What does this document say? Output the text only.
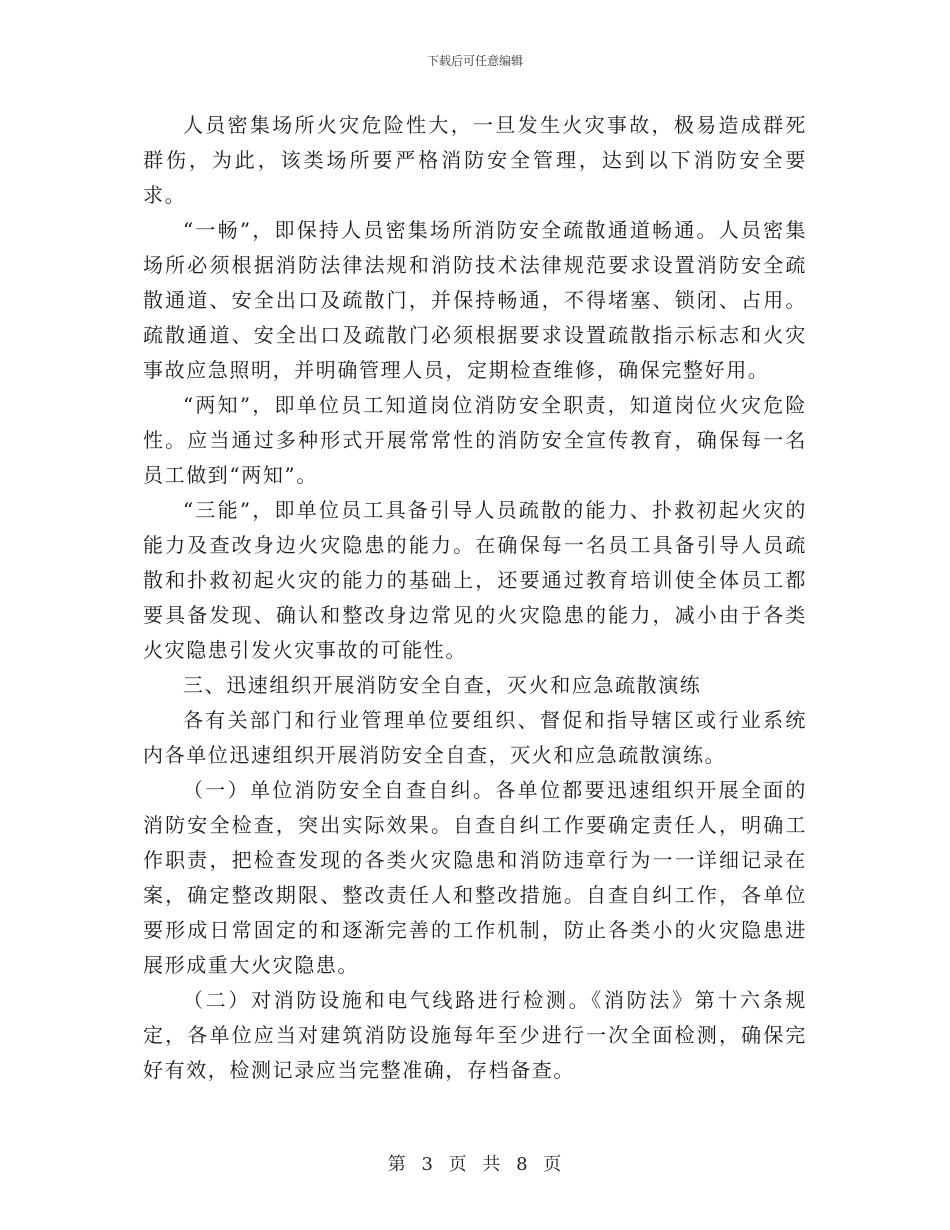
下载后可任意编辑

人员密集场所火灾危险性大，一旦发生火灾事故，极易造成群死群伤，为此，该类场所要严格消防安全管理，达到以下消防安全要求。

“一畅”，即保持人员密集场所消防安全疏散通道畅通。人员密集场所必须根据消防法律法规和消防技术法律规范要求设置消防安全疏散通道、安全出口及疏散门，并保持畅通，不得堵塞、锁闭、占用。疏散通道、安全出口及疏散门必须根据要求设置疏散指示标志和火灾事故应急照明，并明确管理人员，定期检查维修，确保完整好用。

“两知”，即单位员工知道岗位消防安全职责，知道岗位火灾危险性。应当通过多种形式开展常常性的消防安全宣传教育，确保每一名员工做到“两知”。

“三能”，即单位员工具备引导人员疏散的能力、扑救初起火灾的能力及查改身边火灾隐患的能力。在确保每一名员工具备引导人员疏散和扑救初起火灾的能力的基础上，还要通过教育培训使全体员工都要具备发现、确认和整改身边常见的火灾隐患的能力，减小由于各类火灾隐患引发火灾事故的可能性。

三、迅速组织开展消防安全自查，灭火和应急疏散演练

各有关部门和行业管理单位要组织、督促和指导辖区或行业系统内各单位迅速组织开展消防安全自查，灭火和应急疏散演练。

（一）单位消防安全自查自纠。各单位都要迅速组织开展全面的消防安全检查，突出实际效果。自查自纠工作要确定责任人，明确工作职责，把检查发现的各类火灾隐患和消防违章行为一一详细记录在案，确定整改期限、整改责任人和整改措施。自查自纠工作，各单位要形成日常固定的和逐渐完善的工作机制，防止各类小的火灾隐患进展形成重大火灾隐患。

（二）对消防设施和电气线路进行检测。《消防法》第十六条规定，各单位应当对建筑消防设施每年至少进行一次全面检测，确保完好有效，检测记录应当完整准确，存档备查。

第 3 页 共 8 页
